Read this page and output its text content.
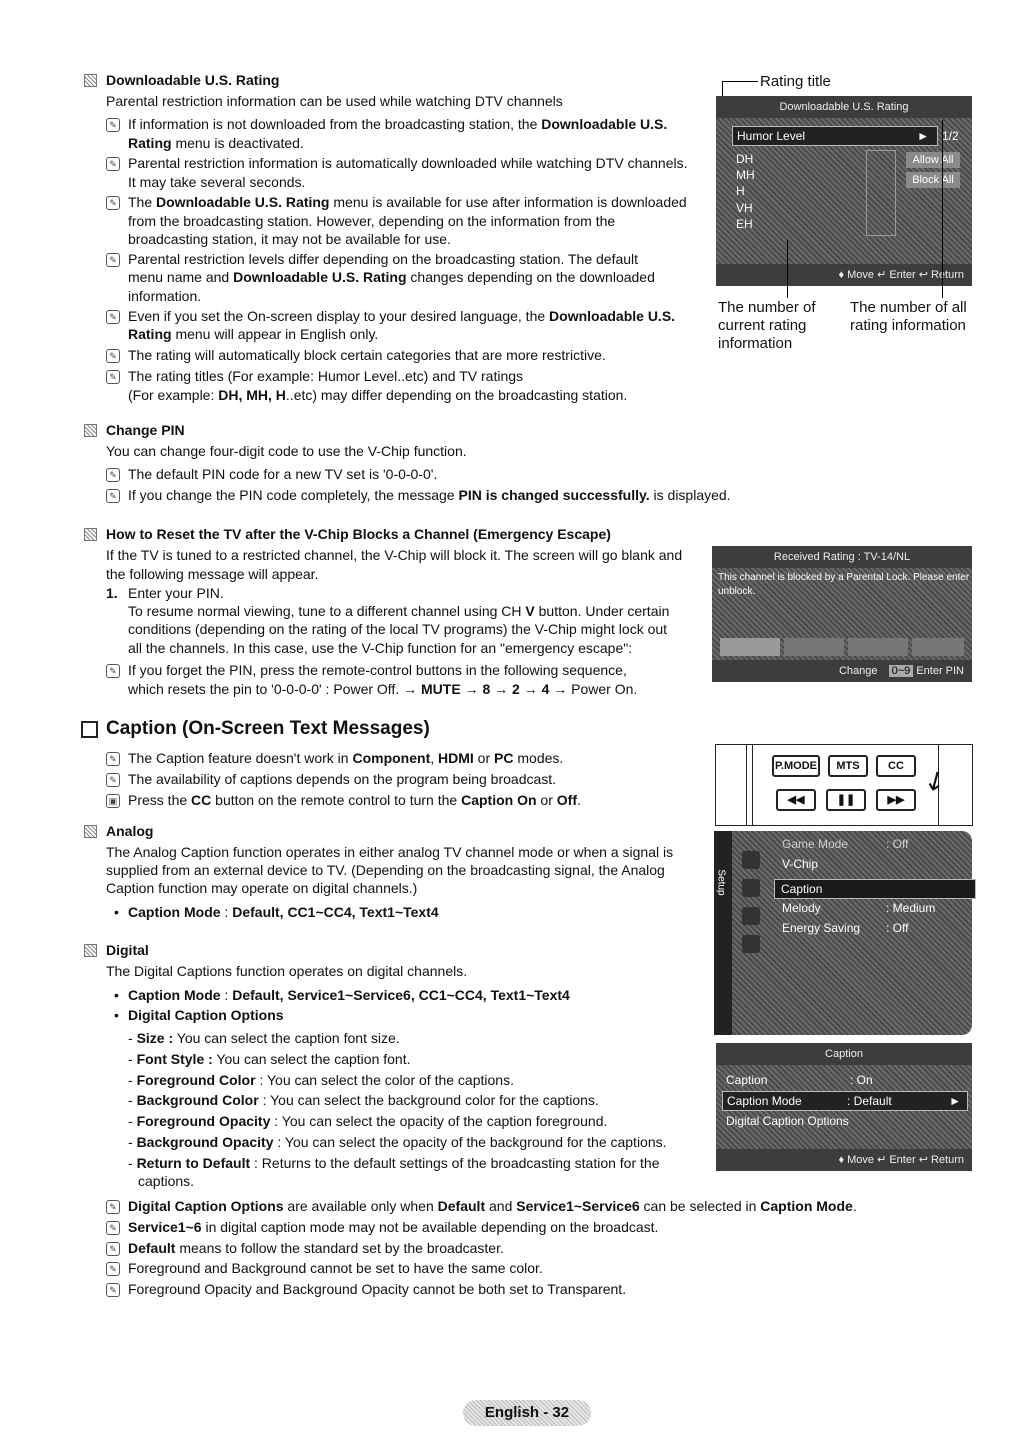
Downloadable U.S. Rating
Parental restriction information can be used while watching DTV channels
✎ If information is not downloaded from the broadcasting station, the Downloadable U.S.
Rating menu is deactivated.
✎ Parental restriction information is automatically downloaded while watching DTV channels.
It may take several seconds.
✎ The Downloadable U.S. Rating menu is available for use after information is downloaded
from the broadcasting station. However, depending on the information from the
broadcasting station, it may not be available for use.
✎ Parental restriction levels differ depending on the broadcasting station. The default
menu name and Downloadable U.S. Rating changes depending on the downloaded
information.
✎ Even if you set the On-screen display to your desired language, the Downloadable U.S.
Rating menu will appear in English only.
✎ The rating will automatically block certain categories that are more restrictive.
✎ The rating titles (For example: Humor Level..etc) and TV ratings
(For example: DH, MH, H..etc) may differ depending on the broadcasting station.
Rating title
Downloadable U.S. Rating
Humor Level	► 1/2
DH
MH
H
VH
EH
Allow All
Block All
♦ Move ↵ Enter ↩ Return
The number of
current rating
information
The number of all
rating information
Change PIN
You can change four-digit code to use the V-Chip function.
✎ The default PIN code for a new TV set is '0-0-0-0'.
✎ If you change the PIN code completely, the message PIN is changed successfully. is displayed.
How to Reset the TV after the V-Chip Blocks a Channel (Emergency Escape)
If the TV is tuned to a restricted channel, the V-Chip will block it. The screen will go blank and
the following message will appear.
1. Enter your PIN.
To resume normal viewing, tune to a different channel using CH V button. Under certain
conditions (depending on the rating of the local TV programs) the V-Chip might lock out
all the channels. In this case, use the V-Chip function for an "emergency escape":
✎ If you forget the PIN, press the remote-control buttons in the following sequence,
which resets the pin to '0-0-0-0' : Power Off. → MUTE → 8 → 2 → 4 → Power On.
Received Rating : TV-14/NL
This channel is blocked by a Parental Lock. Please enter the PIN to
unblock.
Change 0~9 Enter PIN
Caption (On-Screen Text Messages)
✎ The Caption feature doesn't work in Component, HDMI or PC modes.
✎ The availability of captions depends on the program being broadcast.
▣ Press the CC button on the remote control to turn the Caption On or Off.
P.MODE	MTS	CC
◀◀	❚❚	▶▶
↙
Analog
The Analog Caption function operates in either analog TV channel mode or when a signal is
supplied from an external device to TV. (Depending on the broadcasting signal, the Analog
Caption function may operate on digital channels.)
• Caption Mode : Default, CC1~CC4, Text1~Text4
Setup
Game Mode	: Off
V-Chip
Caption
Melody	: Medium
Energy Saving : Off
Digital
The Digital Captions function operates on digital channels.
• Caption Mode : Default, Service1~Service6, CC1~CC4, Text1~Text4
• Digital Caption Options
- Size : You can select the caption font size.
- Font Style : You can select the caption font.
- Foreground Color : You can select the color of the captions.
- Background Color : You can select the background color for the captions.
- Foreground Opacity : You can select the opacity of the caption foreground.
- Background Opacity : You can select the opacity of the background for the captions.
- Return to Default : Returns to the default settings of the broadcasting station for the
captions.
Caption
Caption	: On
Caption Mode	: Default	►
Digital Caption Options
♦ Move ↵ Enter ↩ Return
✎ Digital Caption Options are available only when Default and Service1~Service6 can be selected in Caption Mode.
✎ Service1~6 in digital caption mode may not be available depending on the broadcast.
✎ Default means to follow the standard set by the broadcaster.
✎ Foreground and Background cannot be set to have the same color.
✎ Foreground Opacity and Background Opacity cannot be both set to Transparent.
English - 32
